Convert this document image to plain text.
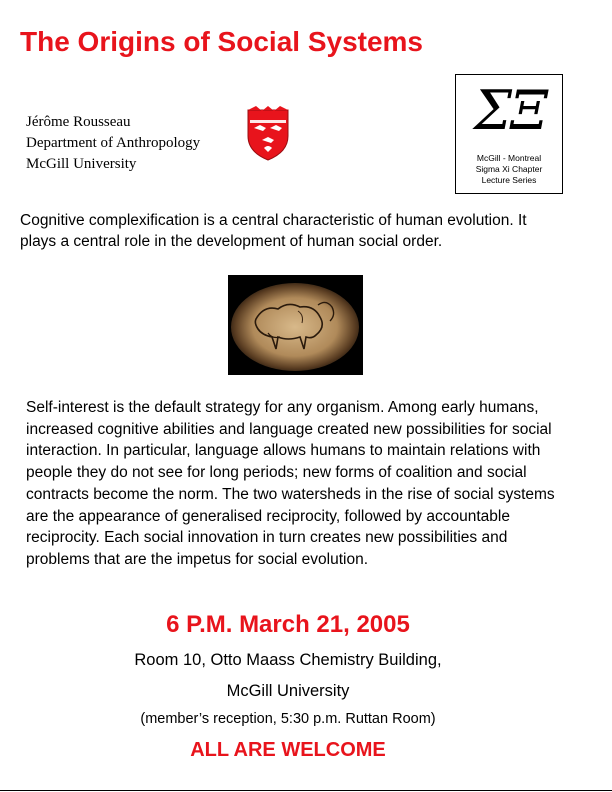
The Origins of Social Systems
Jérôme Rousseau
Department of Anthropology
McGill University
ΣΞ
McGill - Montreal
Sigma Xi Chapter
Lecture Series

Cognitive complexification is a central characteristic of human evolution. It plays a central role in the development of human social order.

Self-interest is the default strategy for any organism. Among early humans, increased cognitive abilities and language created new possibilities for social interaction. In particular, language allows humans to maintain relations with people they do not see for long periods; new forms of coalition and social contracts become the norm. The two watersheds in the rise of social systems are the appearance of generalised reciprocity, followed by accountable reciprocity. Each social innovation in turn creates new possibilities and problems that are the impetus for social evolution.

6 P.M. March 21, 2005
Room 10, Otto Maass Chemistry Building,
McGill University
(member’s reception, 5:30 p.m. Ruttan Room)
ALL ARE WELCOME
